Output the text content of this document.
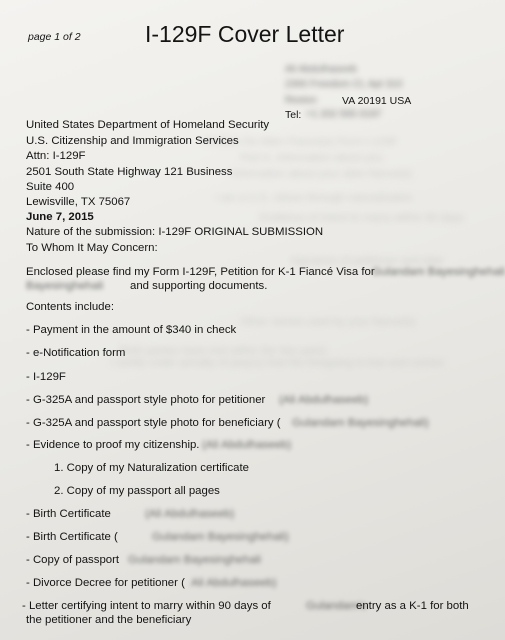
Petition for Alien Fiance(e) Form I-129F
Part A. Information about you
Information about your alien fiance(e)
I am a U.S. citizen through naturalization
Evidence of intent to marry within 90 days
Signature of petitioner and date
Other names used by your fiance(e)
Both parties have met within the two years
I certify under penalty of perjury that the foregoing is true and correct
page 1 of 2	I-129F Cover Letter
Ali Abdulhaseeb
2300 Freedom Ct, Apt 310
Reston VA 20191 USA
Tel: +1 202 555 0197
United States Department of Homeland Security
U.S. Citizenship and Immigration Services
Attn: I-129F
2501 South State Highway 121 Business
Suite 400
Lewisville, TX 75067
June 7, 2015
Nature of the submission: I-129F ORIGINAL SUBMISSION
To Whom It May Concern:
Enclosed please find my Form I-129F, Petition for K-1 Fiancé Visa for
Gulandam Bayesinghehali
Bayesinghehali and supporting documents.
Contents include:
- Payment in the amount of $340 in check
- e-Notification form
- I-129F
- G-325A and passport style photo for petitioner (Ali Abdulhaseeb)
- G-325A and passport style photo for beneficiary ( Gulandam Bayesinghehali)
- Evidence to proof my citizenship. (Ali Abdulhaseeb)
1. Copy of my Naturalization certificate
2. Copy of my passport all pages
- Birth Certificate	(Ali Abdulhaseeb)
- Birth Certificate (	Gulandam Bayesinghehali)
- Copy of passport Gulandam Bayesinghehali
- Divorce Decree for petitioner ( Ali Abdulhaseeb)
- Letter certifying intent to marry within 90 days of	Gulandam's
entry as a K-1 for both
the petitioner and the beneficiary
